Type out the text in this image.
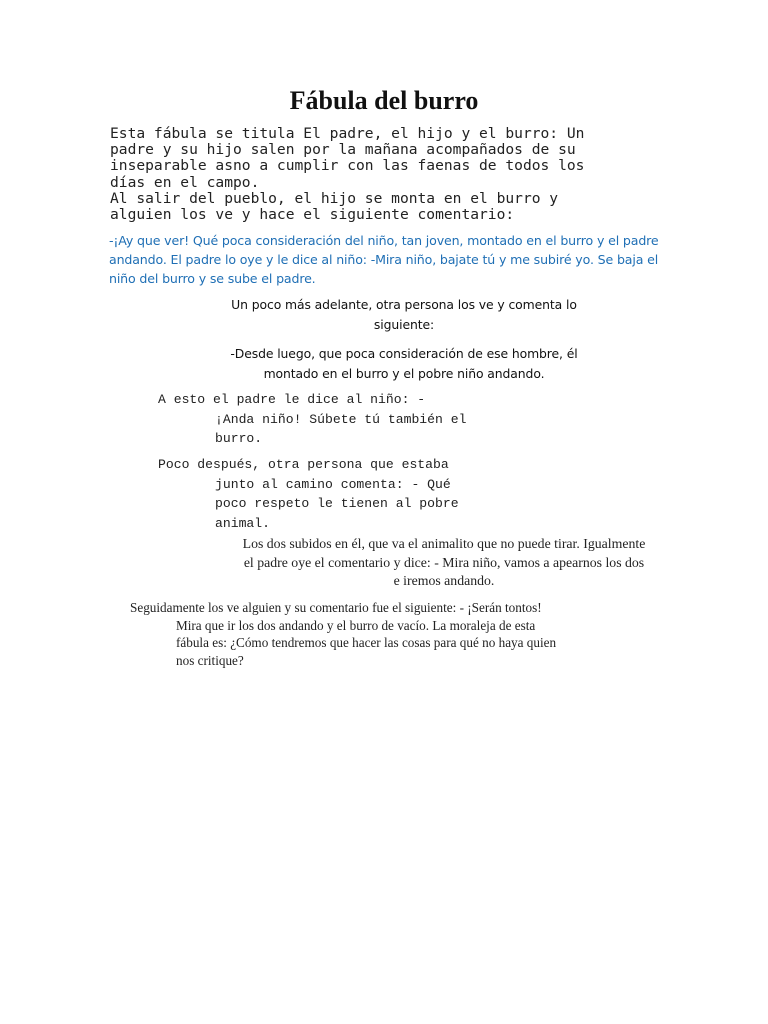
Fábula del burro

Esta fábula se titula El padre, el hijo y el burro: Un
padre y su hijo salen por la mañana acompañados de su
inseparable asno a cumplir con las faenas de todos los
días en el campo.
Al salir del pueblo, el hijo se monta en el burro y
alguien los ve y hace el siguiente comentario:

-¡Ay que ver! Qué poca consideración del niño, tan joven, montado en el burro y el padre andando. El padre lo oye y le dice al niño: -Mira niño, bajate tú y me subiré yo. Se baja el niño del burro y se sube el padre.

Un poco más adelante, otra persona los ve y comenta lo siguiente:

-Desde luego, que poca consideración de ese hombre, él montado en el burro y el pobre niño andando.

A esto el padre le dice al niño: -
¡Anda niño! Súbete tú también el
burro.

Poco después, otra persona que estaba
junto al camino comenta: - Qué
poco respeto le tienen al pobre
animal.

Los dos subidos en él, que va el animalito que no puede tirar. Igualmente el padre oye el comentario y dice: - Mira niño, vamos a apearnos los dos e iremos andando.

Seguidamente los ve alguien y su comentario fue el siguiente: - ¡Serán tontos!
Mira que ir los dos andando y el burro de vacío. La moraleja de esta
fábula es: ¿Cómo tendremos que hacer las cosas para qué no haya quien
nos critique?
